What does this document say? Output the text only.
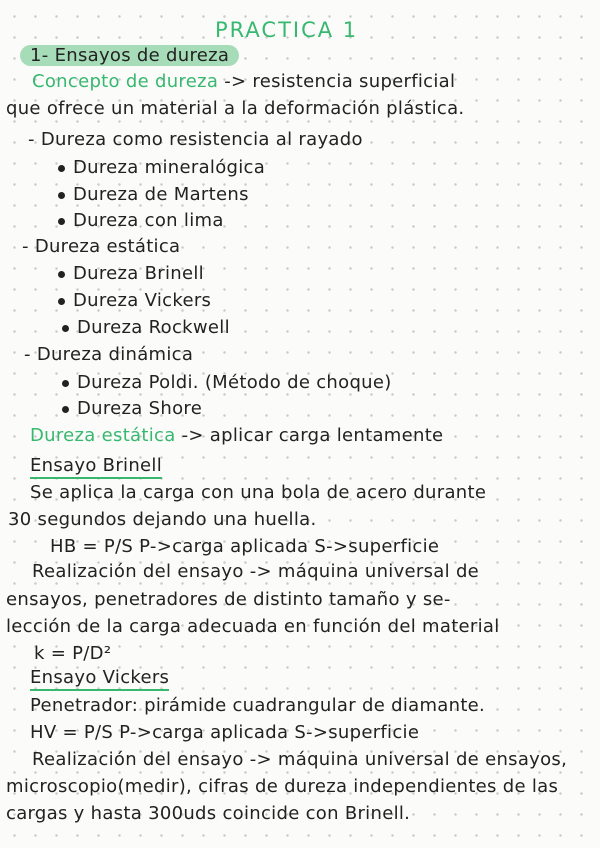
PRACTICA 1
1- Ensayos de dureza
Concepto de dureza -> resistencia superficial
que ofrece un material a la deformación plástica.
- Dureza como resistencia al rayado
Dureza mineralógica
Dureza de Martens
Dureza con lima
- Dureza estática
Dureza Brinell
Dureza Vickers
Dureza Rockwell
- Dureza dinámica
Dureza Poldi. (Método de choque)
Dureza Shore
Dureza estática -> aplicar carga lentamente
Ensayo Brinell
Se aplica la carga con una bola de acero durante
30 segundos dejando una huella.
HB = P/S P->carga aplicada S->superficie
Realización del ensayo -> máquina universal de
ensayos, penetradores de distinto tamaño y se-
lección de la carga adecuada en función del material
k = P/D²
Ensayo Vickers
Penetrador: pirámide cuadrangular de diamante.
HV = P/S P->carga aplicada S->superficie
Realización del ensayo -> máquina universal de ensayos,
microscopio(medir), cifras de dureza independientes de las
cargas y hasta 300uds coincide con Brinell.
